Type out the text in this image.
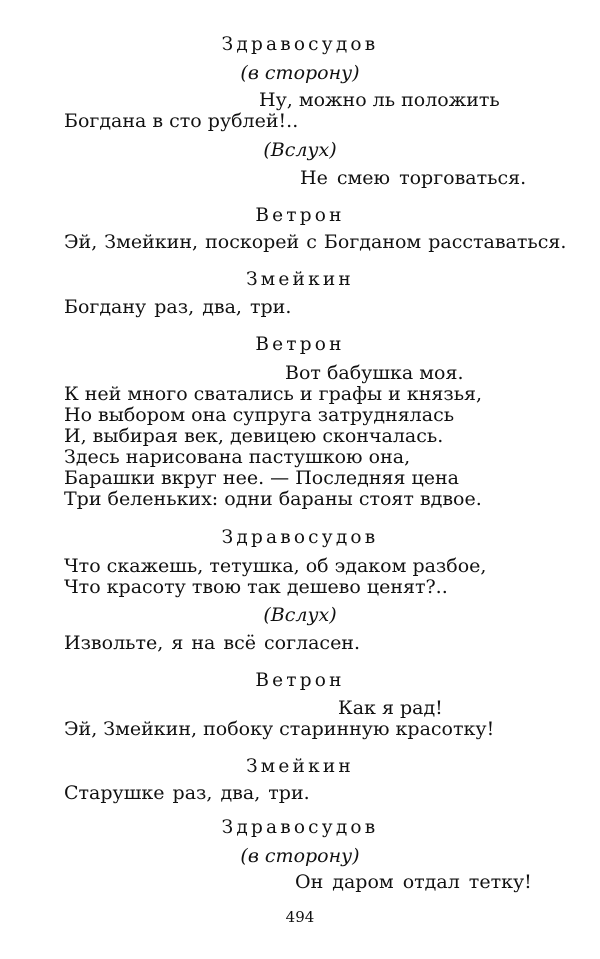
Здравосудов
(в сторону)
Ну, можно ль положить
Богдана в сто рублей!..
(Вслух)
Не смею торговаться.
Ветрон
Эй, Змейкин, поскорей с Богданом расставаться.
Змейкин
Богдану раз, два, три.
Ветрон
Вот бабушка моя.
К ней много сватались и графы и князья,
Но выбором она супруга затруднялась
И, выбирая век, девицею скончалась.
Здесь нарисована пастушкою она,
Барашки вкруг нее. — Последняя цена
Три беленьких: одни бараны стоят вдвое.
Здравосудов
Что скажешь, тетушка, об эдаком разбое,
Что красоту твою так дешево ценят?..
(Вслух)
Извольте, я на всё согласен.
Ветрон
Как я рад!
Эй, Змейкин, побоку старинную красотку!
Змейкин
Старушке раз, два, три.
Здравосудов
(в сторону)
Он даром отдал тетку!
494
